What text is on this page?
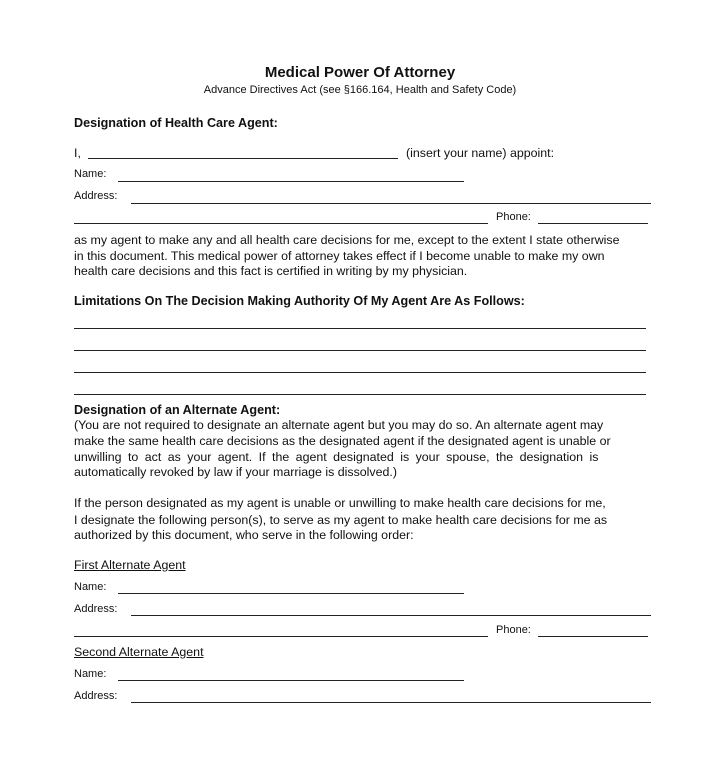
Medical Power Of Attorney
Advance Directives Act (see §166.164, Health and Safety Code)
Designation of Health Care Agent:
I,	(insert your name) appoint:
Name:
Address:
Phone:
as my agent to make any and all health care decisions for me, except to the extent I state otherwise
in this document. This medical power of attorney takes effect if I become unable to make my own
health care decisions and this fact is certified in writing by my physician.
Limitations On The Decision Making Authority Of My Agent Are As Follows:
Designation of an Alternate Agent:
(You are not required to designate an alternate agent but you may do so. An alternate agent may
make the same health care decisions as the designated agent if the designated agent is unable or
unwilling to act as your agent. If the agent designated is your spouse, the designation is
automatically revoked by law if your marriage is dissolved.)
If the person designated as my agent is unable or unwilling to make health care decisions for me,
I designate the following person(s), to serve as my agent to make health care decisions for me as
authorized by this document, who serve in the following order:
First Alternate Agent
Name:
Address:
Phone:
Second Alternate Agent
Name:
Address:
